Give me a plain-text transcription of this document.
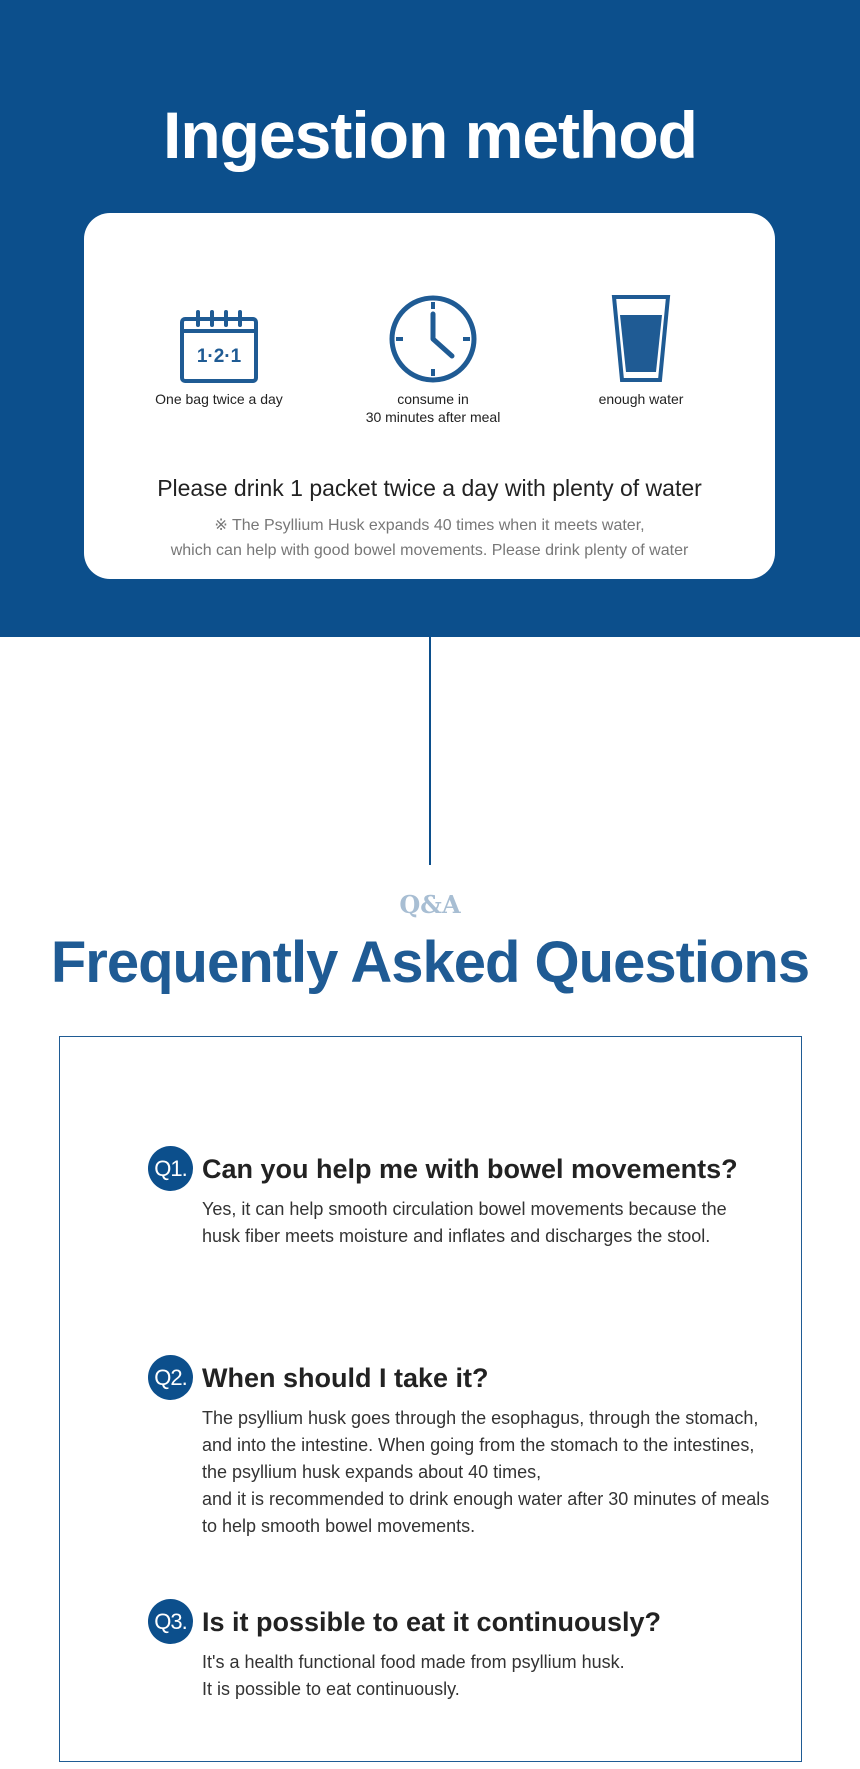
Ingestion method
1·2·1
One bag twice a day	consume in
30 minutes after meal
enough water
Please drink 1 packet twice a day with plenty of water
※ The Psyllium Husk expands 40 times when it meets water,
which can help with good bowel movements. Please drink plenty of water
Q&A
Frequently Asked Questions
Q1. Can you help me with bowel movements?
Yes, it can help smooth circulation bowel movements because the
husk fiber meets moisture and inflates and discharges the stool.
Q2. When should I take it?
The psyllium husk goes through the esophagus, through the stomach,
and into the intestine. When going from the stomach to the intestines,
the psyllium husk expands about 40 times,
and it is recommended to drink enough water after 30 minutes of meals
to help smooth bowel movements.
Q3. Is it possible to eat it continuously?
It's a health functional food made from psyllium husk.
It is possible to eat continuously.
